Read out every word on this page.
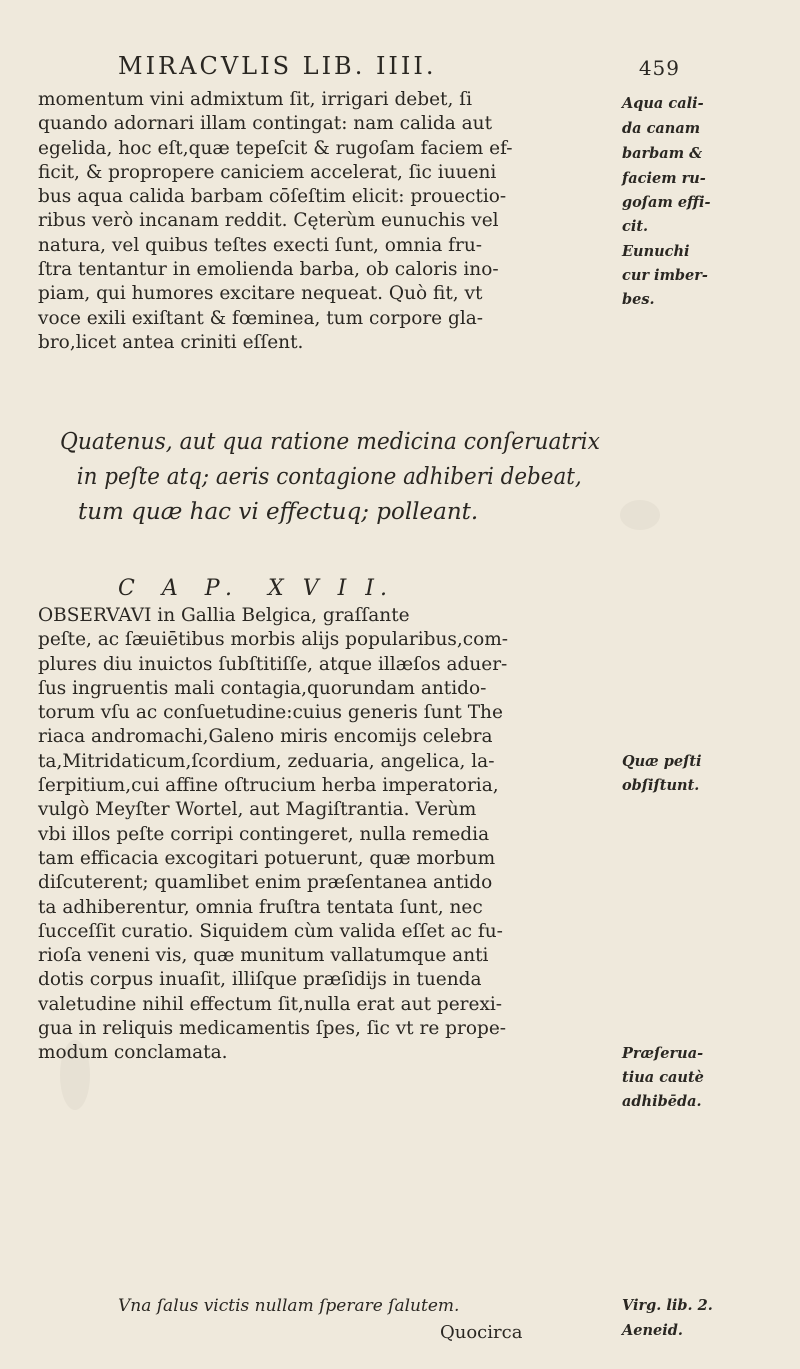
MIRACVLIS LIB. IIII.	459
momentum vini admixtum ſit, irrigari debet, ſi
quando adornari illam contingat: nam calida aut
egelida, hoc eſt,quæ tepeſcit & rugoſam faciem ef-
ficit, & propropere caniciem accelerat, ſic iuueni
bus aqua calida barbam cōſeſtim elicit: prouectio-
ribus verò incanam reddit. Cęterùm eunuchis vel
natura, vel quibus teſtes execti ſunt, omnia fru-
ſtra tentantur in emolienda barba, ob caloris ino-
piam, qui humores excitare nequeat. Quò fit, vt
voce exili exiſtant & fœminea, tum corpore gla-
bro,licet antea criniti eſſent.
Quatenus, aut qua ratione medicina conſeruatrix
in peſte atq; aeris contagione adhiberi debeat,
tum quæ hac vi effectuq; polleant.
C A P. X V I I.
OBSERVAVI in Gallia Belgica, graſſante
peſte, ac ſæuiētibus morbis alijs popularibus,com-
plures diu inuictos ſubſtitiſſe, atque illæſos aduer-
ſus ingruentis mali contagia,quorundam antido-
torum vſu ac conſuetudine:cuius generis ſunt The
riaca andromachi,Galeno miris encomijs celebra
ta,Mitridaticum,ſcordium, zeduaria, angelica, la-
ſerpitium,cui affine oſtrucium herba imperatoria,
vulgò Meyſter Wortel, aut Magiſtrantia. Verùm
vbi illos peſte corripi contingeret, nulla remedia
tam efficacia excogitari potuerunt, quæ morbum
diſcuterent; quamlibet enim præſentanea antido
ta adhiberentur, omnia fruſtra tentata ſunt, nec
ſucceſſit curatio. Siquidem cùm valida eſſet ac fu-
rioſa veneni vis, quæ munitum vallatumque anti
dotis corpus inuaſit, illiſque præſidijs in tuenda
valetudine nihil effectum ſit,nulla erat aut perexi-
gua in reliquis medicamentis ſpes, ſic vt re prope-
modum conclamata.
Vna ſalus victis nullam ſperare ſalutem.
Quocirca
Aqua cali-
da canam
barbam &
faciem ru-
goſam effi-
cit.
Eunuchi
cur imber-
bes.
Quæ peſti
obſiſtunt.
Præſerua-
tiua cautè
adhibēda.
Virg. lib. 2.
Aeneid.
